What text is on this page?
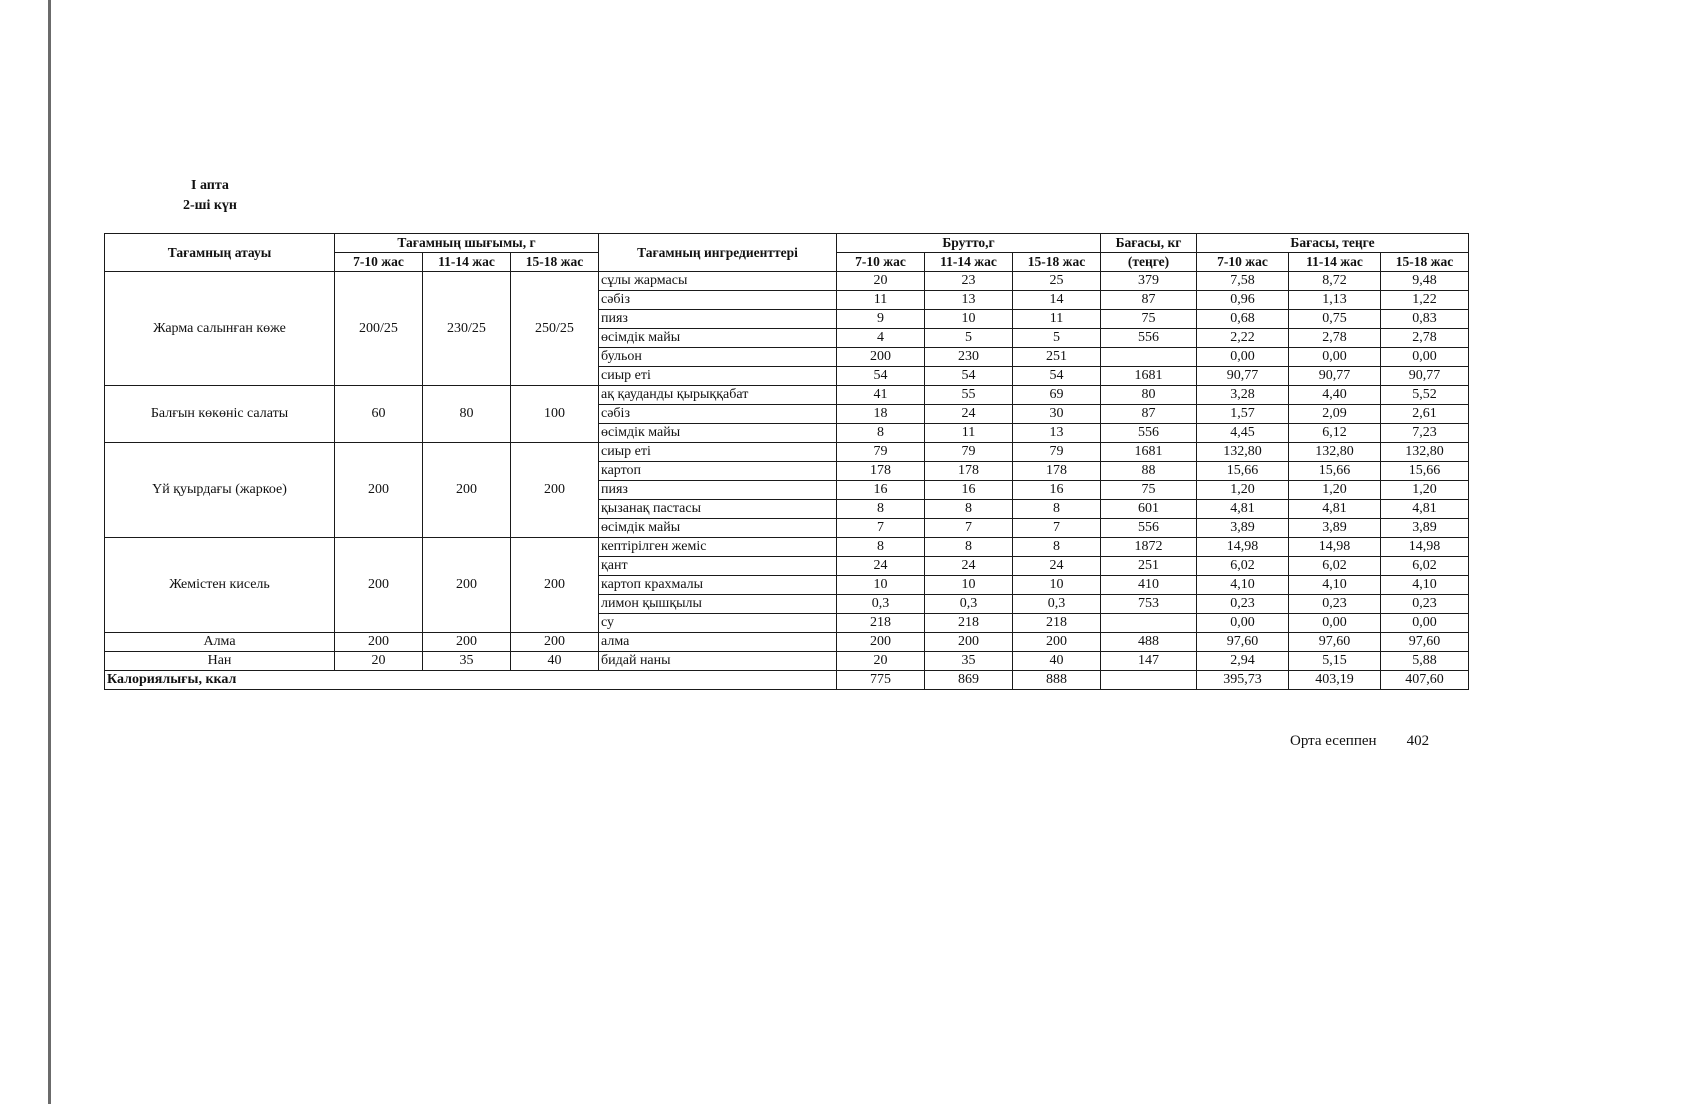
I апта
2-ші күн
Тағамның атауы	Тағамның шығымы, г			Тағамның ингредиенттері	Брутто,г			Бағасы, кг	Бағасы, теңге		
	7-10 жас	11-14 жас	15-18 жас		7-10 жас	11-14 жас	15-18 жас	(теңге)	7-10 жас	11-14 жас	15-18 жас
Жарма салынған көже	200/25	230/25	250/25	сұлы жармасы	20	23	25	379	7,58	8,72	9,48
				сәбіз	11	13	14	87	0,96	1,13	1,22
				пияз	9	10	11	75	0,68	0,75	0,83
				өсімдік майы	4	5	5	556	2,22	2,78	2,78
				бульон	200	230	251		0,00	0,00	0,00
				сиыр еті	54	54	54	1681	90,77	90,77	90,77
Балғын көкөніс салаты	60	80	100	ақ қауданды қырыққабат	41	55	69	80	3,28	4,40	5,52
				сәбіз	18	24	30	87	1,57	2,09	2,61
				өсімдік майы	8	11	13	556	4,45	6,12	7,23
Үй қуырдағы (жаркое)	200	200	200	сиыр еті	79	79	79	1681	132,80	132,80	132,80
				картоп	178	178	178	88	15,66	15,66	15,66
				пияз	16	16	16	75	1,20	1,20	1,20
				қызанақ пастасы	8	8	8	601	4,81	4,81	4,81
				өсімдік майы	7	7	7	556	3,89	3,89	3,89
Жемістен кисель	200	200	200	кептірілген жеміс	8	8	8	1872	14,98	14,98	14,98
				қант	24	24	24	251	6,02	6,02	6,02
				картоп крахмалы	10	10	10	410	4,10	4,10	4,10
				лимон қышқылы	0,3	0,3	0,3	753	0,23	0,23	0,23
				су	218	218	218		0,00	0,00	0,00
Алма	200	200	200	алма	200	200	200	488	97,60	97,60	97,60
Нан	20	35	40	бидай наны	20	35	40	147	2,94	5,15	5,88
Калориялығы, ккал					775	869	888		395,73	403,19	407,60
Орта есеппен 402
